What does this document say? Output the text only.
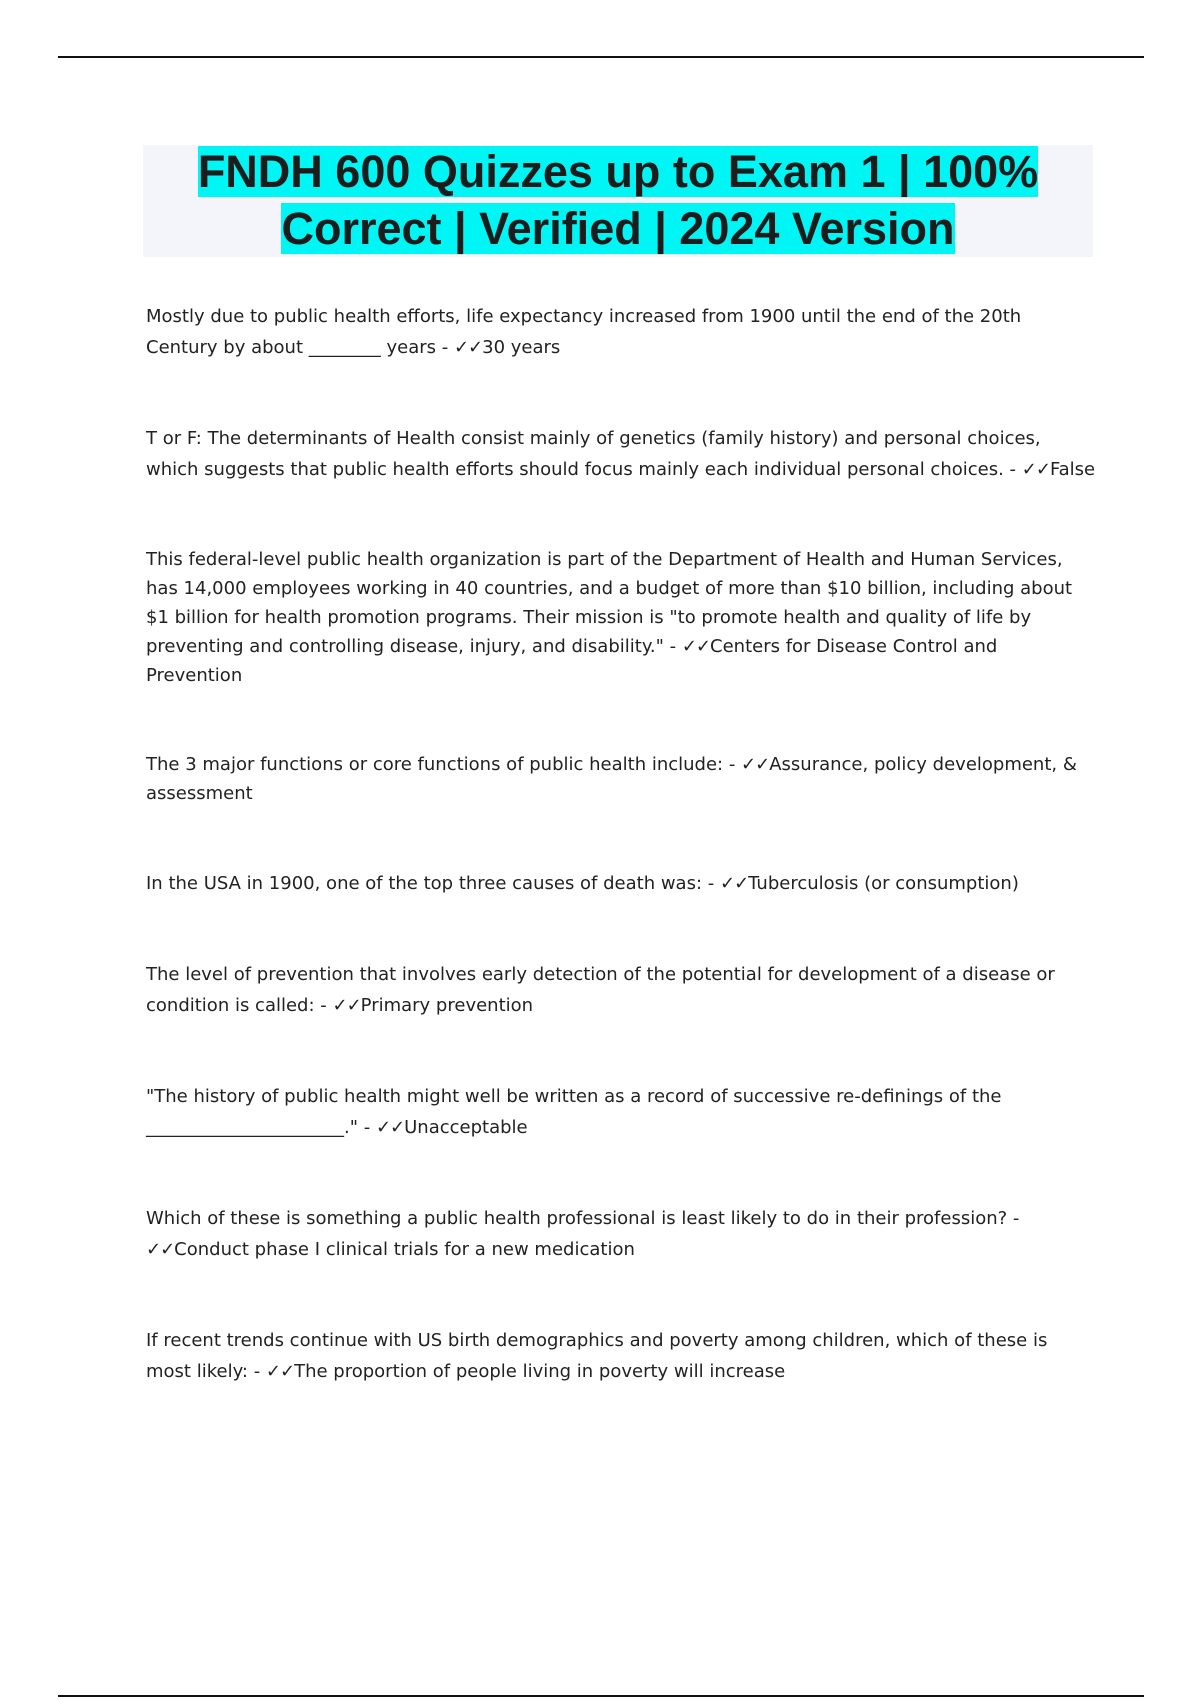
FNDH 600 Quizzes up to Exam 1 | 100%
Correct | Verified | 2024 Version

Mostly due to public health efforts, life expectancy increased from 1900 until the end of the 20th Century by about ________ years - ✓✓30 years

T or F: The determinants of Health consist mainly of genetics (family history) and personal choices, which suggests that public health efforts should focus mainly each individual personal choices. - ✓✓False

This federal-level public health organization is part of the Department of Health and Human Services, has 14,000 employees working in 40 countries, and a budget of more than $10 billion, including about $1 billion for health promotion programs. Their mission is "to promote health and quality of life by preventing and controlling disease, injury, and disability." - ✓✓Centers for Disease Control and Prevention

The 3 major functions or core functions of public health include: - ✓✓Assurance, policy development, & assessment

In the USA in 1900, one of the top three causes of death was: - ✓✓Tuberculosis (or consumption)

The level of prevention that involves early detection of the potential for development of a disease or condition is called: - ✓✓Primary prevention

"The history of public health might well be written as a record of successive re-definings of the ______________________." - ✓✓Unacceptable

Which of these is something a public health professional is least likely to do in their profession? - ✓✓Conduct phase I clinical trials for a new medication

If recent trends continue with US birth demographics and poverty among children, which of these is most likely: - ✓✓The proportion of people living in poverty will increase
